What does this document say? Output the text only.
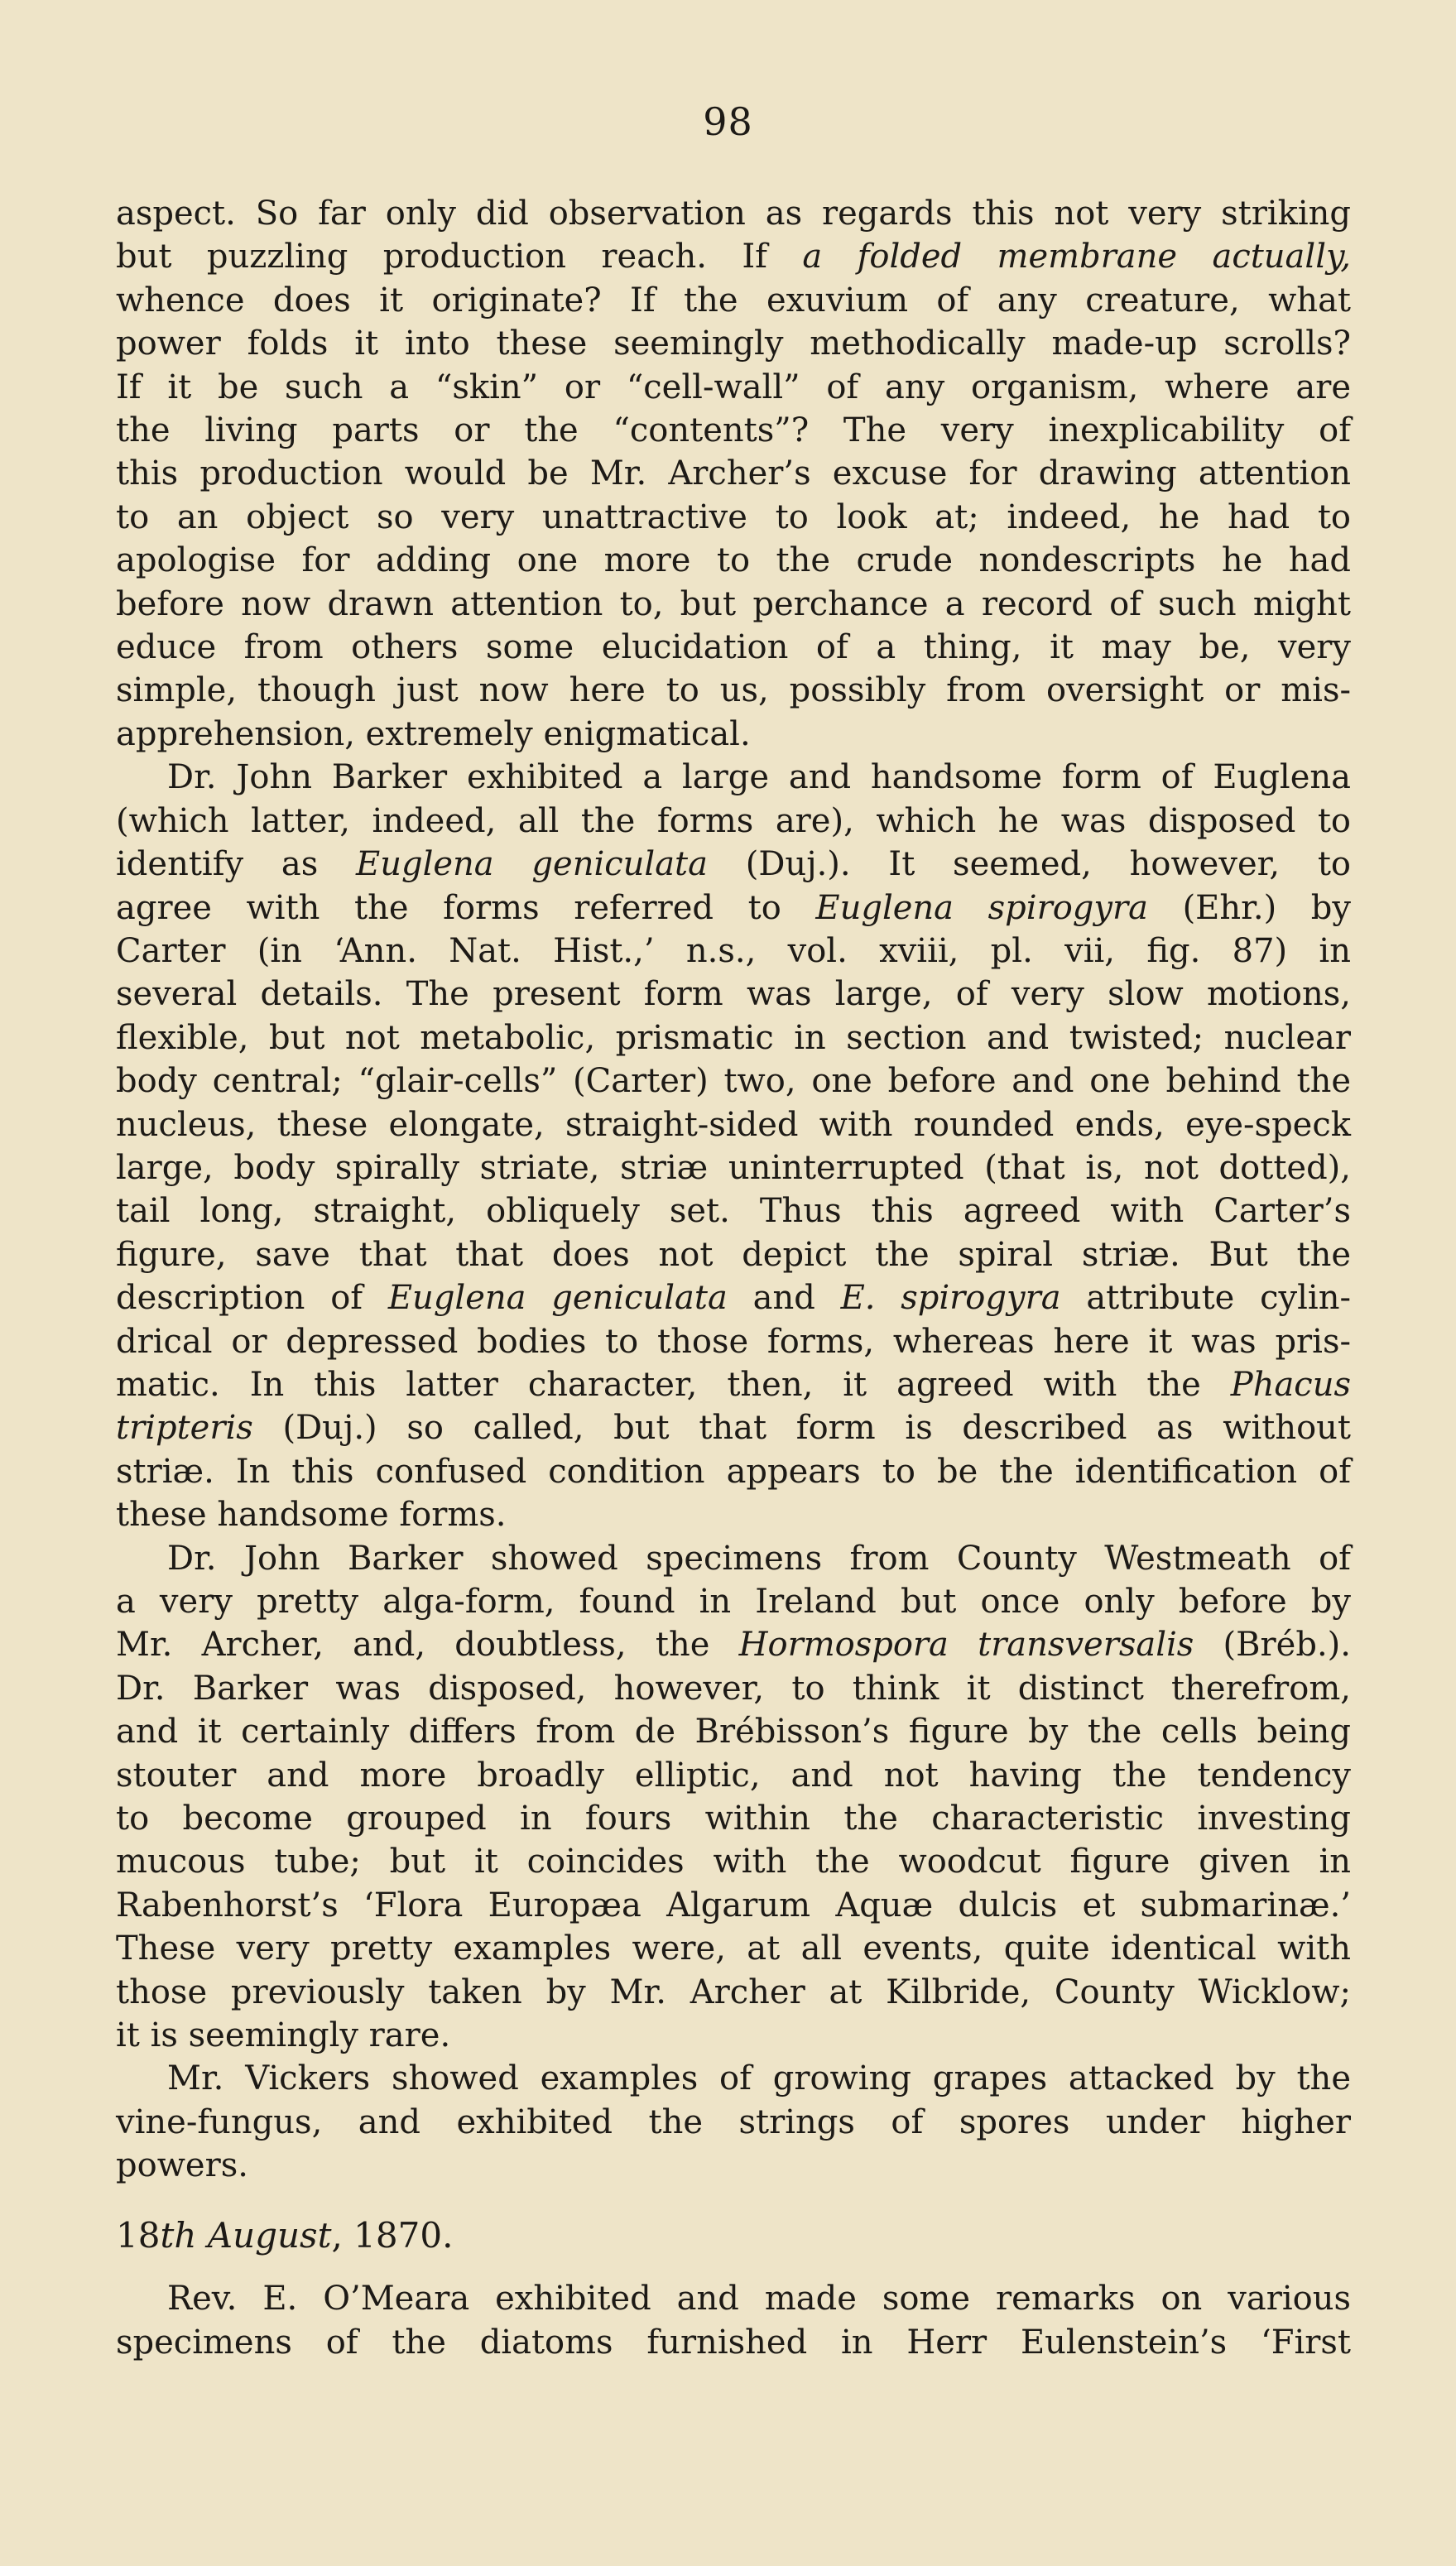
98
aspect. So far only did observation as regards this not very striking
but puzzling production reach. If a folded membrane actually,
whence does it originate? If the exuvium of any creature, what
power folds it into these seemingly methodically made-up scrolls?
If it be such a “skin” or “cell-wall” of any organism, where are
the living parts or the “contents”? The very inexplicability of
this production would be Mr. Archer’s excuse for drawing attention
to an object so very unattractive to look at; indeed, he had to
apologise for adding one more to the crude nondescripts he had
before now drawn attention to, but perchance a record of such might
educe from others some elucidation of a thing, it may be, very
simple, though just now here to us, possibly from oversight or mis-
apprehension, extremely enigmatical.
Dr. John Barker exhibited a large and handsome form of Euglena
(which latter, indeed, all the forms are), which he was disposed to
identify as Euglena geniculata (Duj.). It seemed, however, to
agree with the forms referred to Euglena spirogyra (Ehr.) by
Carter (in ‘Ann. Nat. Hist.,’ n.s., vol. xviii, pl. vii, fig. 87) in
several details. The present form was large, of very slow motions,
flexible, but not metabolic, prismatic in section and twisted; nuclear
body central; “glair-cells” (Carter) two, one before and one behind the
nucleus, these elongate, straight-sided with rounded ends, eye-speck
large, body spirally striate, striæ uninterrupted (that is, not dotted),
tail long, straight, obliquely set. Thus this agreed with Carter’s
figure, save that that does not depict the spiral striæ. But the
description of Euglena geniculata and E. spirogyra attribute cylin-
drical or depressed bodies to those forms, whereas here it was pris-
matic. In this latter character, then, it agreed with the Phacus
tripteris (Duj.) so called, but that form is described as without
striæ. In this confused condition appears to be the identification of
these handsome forms.
Dr. John Barker showed specimens from County Westmeath of
a very pretty alga-form, found in Ireland but once only before by
Mr. Archer, and, doubtless, the Hormospora transversalis (Bréb.).
Dr. Barker was disposed, however, to think it distinct therefrom,
and it certainly differs from de Brébisson’s figure by the cells being
stouter and more broadly elliptic, and not having the tendency
to become grouped in fours within the characteristic investing
mucous tube; but it coincides with the woodcut figure given in
Rabenhorst’s ‘Flora Europæa Algarum Aquæ dulcis et submarinæ.’
These very pretty examples were, at all events, quite identical with
those previously taken by Mr. Archer at Kilbride, County Wicklow;
it is seemingly rare.
Mr. Vickers showed examples of growing grapes attacked by the
vine-fungus, and exhibited the strings of spores under higher
powers.
18th August, 1870.
Rev. E. O’Meara exhibited and made some remarks on various
specimens of the diatoms furnished in Herr Eulenstein’s ‘First
